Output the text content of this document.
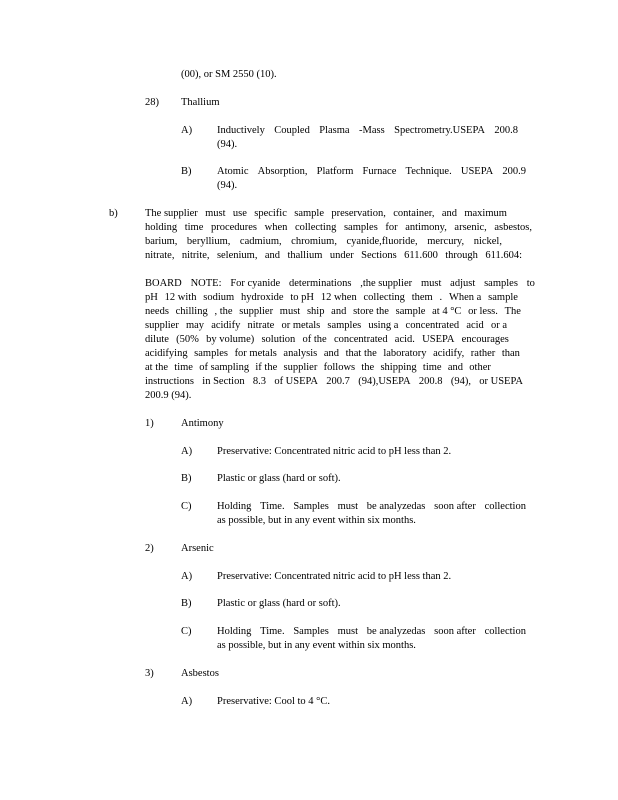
(00), or SM 2550 (10).
28) Thallium
A) Inductively Coupled Plasma -Mass Spectrometry.USEPA 200.8
(94).
B) Atomic Absorption, Platform Furnace Technique. USEPA 200.9
(94).
b)	The supplier must use specific sample preservation, container, and maximum
holding time procedures when collecting samples for antimony, arsenic, asbestos,
barium, beryllium, cadmium, chromium, cyanide,fluoride, mercury, nickel,
nitrate, nitrite, selenium, and thallium under Sections 611.600 through 611.604:
BOARD NOTE: For cyanide determinations ,the supplier must adjust samples to
pH 12 with sodium hydroxide to pH 12 when collecting them . When a sample
needs chilling , the supplier must ship and store the sample at 4 °C or less. The
supplier may acidify nitrate or metals samples using a concentrated acid or a
dilute (50% by volume) solution of the concentrated acid. USEPA encourages
acidifying samples for metals analysis and that the laboratory acidify, rather than
at the time of sampling if the supplier follows the shipping time and other
instructions in Section 8.3 of USEPA 200.7 (94),USEPA 200.8 (94), or USEPA
200.9 (94).
1)	Antimony
A) Preservative: Concentrated nitric acid to pH less than 2.
B) Plastic or glass (hard or soft).
C) Holding Time. Samples must be analyzedas soon after collection
as possible, but in any event within six months.
2)	Arsenic
A) Preservative: Concentrated nitric acid to pH less than 2.
B) Plastic or glass (hard or soft).
C) Holding Time. Samples must be analyzedas soon after collection
as possible, but in any event within six months.
3)	Asbestos
A) Preservative: Cool to 4 °C.
